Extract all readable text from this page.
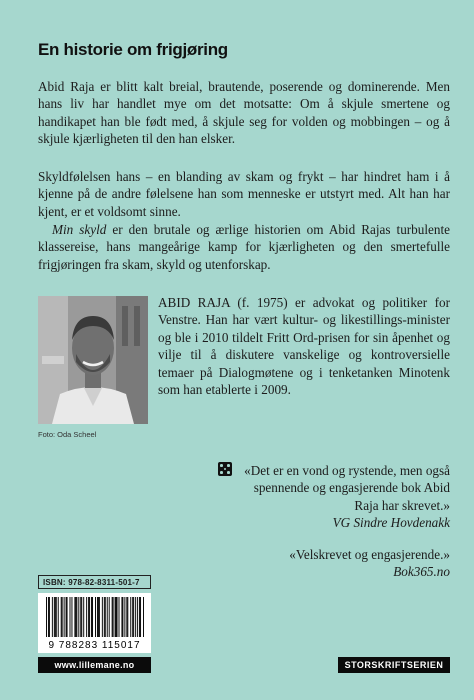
En historie om frigjøring

Abid Raja er blitt kalt breial, brautende, poserende og dominerende. Men hans liv har handlet mye om det motsatte: Om å skjule smertene og handikapet han ble født med, å skjule seg for volden og mobbingen – og å skjule kjærligheten til den han elsker.

Skyldfølelsen hans – en blanding av skam og frykt – har hindret ham i å kjenne på de andre følelsene han som menneske er utstyrt med. Alt han har kjent, er et voldsomt sinne.

Min skyld er den brutale og ærlige historien om Abid Rajas turbulente klassereise, hans mangeårige kamp for kjærligheten og den smertefulle frigjøringen fra skam, skyld og utenforskap.

Foto: Oda Scheel

ABID RAJA (f. 1975) er advokat og politiker for Venstre. Han har vært kultur- og likestillings-minister og ble i 2010 tildelt Fritt Ord-prisen for sin åpenhet og vilje til å diskutere vanskelige og kontroversielle temaer på Dialogmøtene og i tenketanken Minotenk som han etablerte i 2009.

«Det er en vond og rystende, men også spennende og engasjerende bok Abid Raja har skrevet.»
VG Sindre Hovdenakk

«Velskrevet og engasjerende.»
Bok365.no

ISBN: 978-82-8311-501-7
9 788283 115017
www.lillemane.no	STORSKRIFTSERIEN
